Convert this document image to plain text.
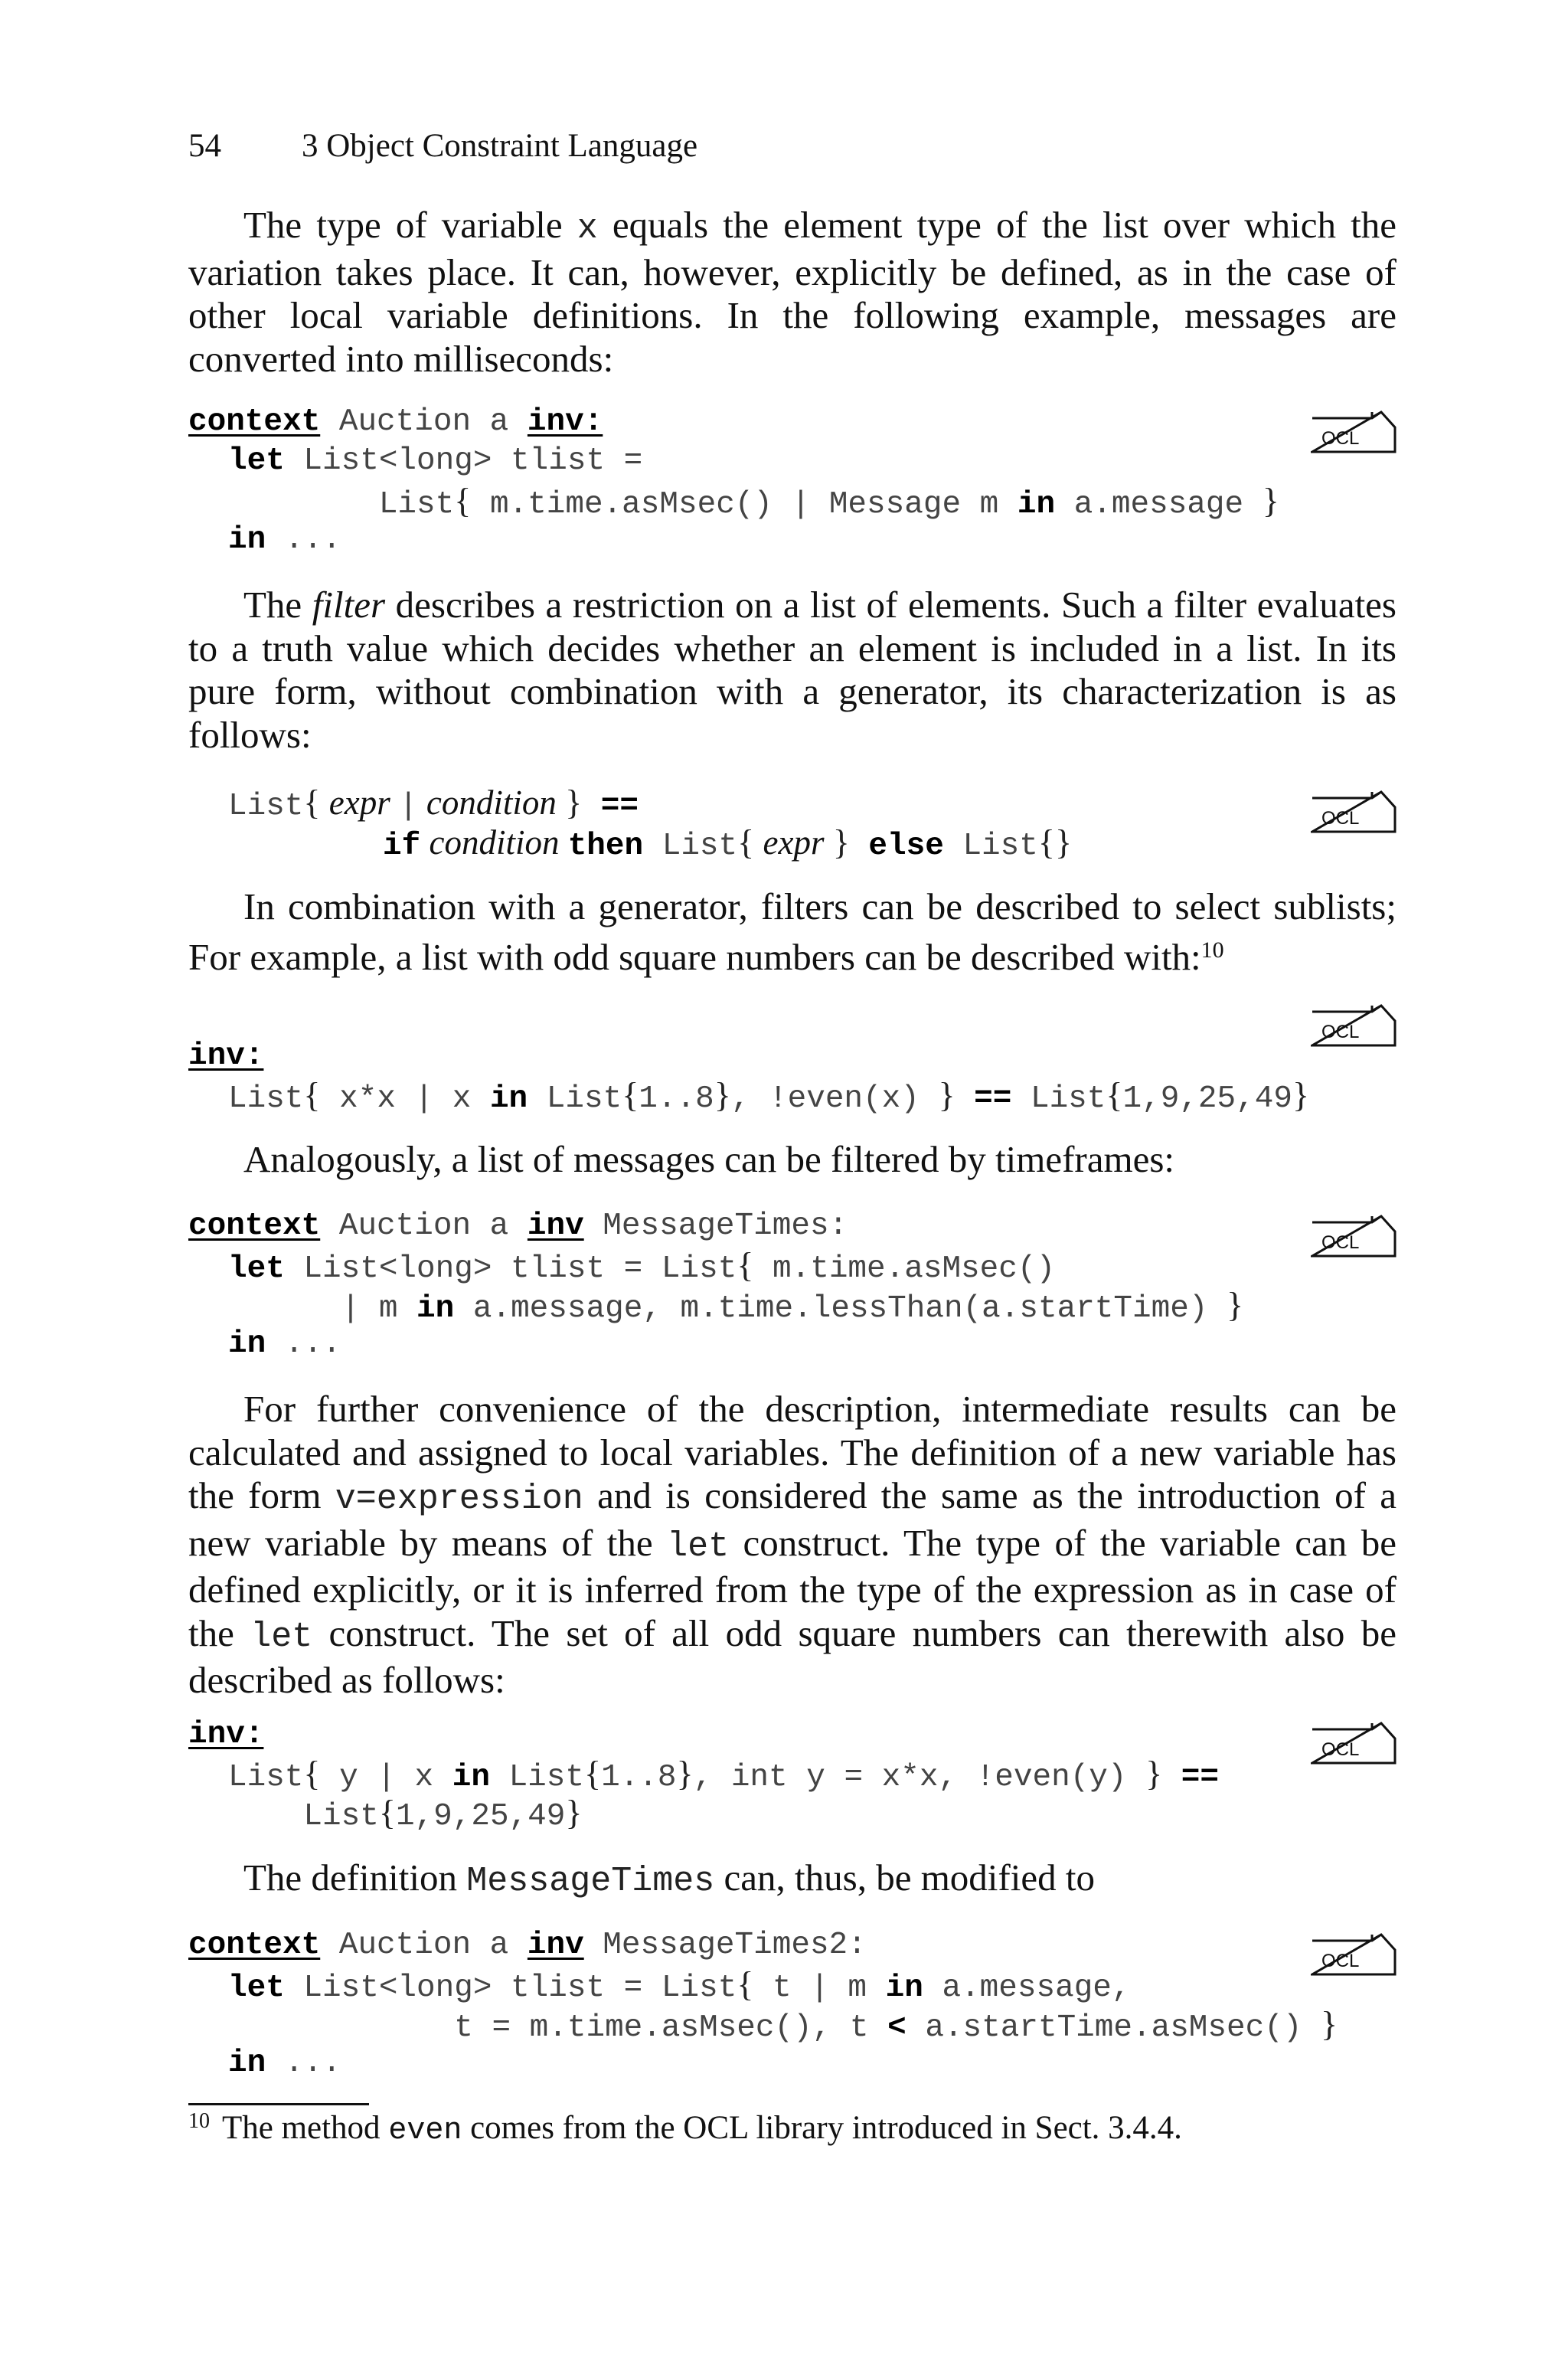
54 3 Object Constraint Language
The type of variable x equals the element type of the list over which the variation takes place. It can, however, explicitly be defined, as in the case of other local variable definitions. In the following example, messages are converted into milliseconds:
context Auction a inv:
let List<long> tlist =
List{ m.time.asMsec() | Message m in a.message }
in ...
OCL
The filter describes a restriction on a list of elements. Such a filter evaluates to a truth value which decides whether an element is included in a list. In its pure form, without combination with a generator, its characterization is as follows:
List{ expr | condition } ==
if condition then List{ expr } else List{}
OCL
In combination with a generator, filters can be described to select sublists; For example, a list with odd square numbers can be described with:$^{10}$
OCL
inv:
List{ x*x | x in List{1..8}, !even(x) } == List{1,9,25,49}
Analogously, a list of messages can be filtered by timeframes:
context Auction a inv MessageTimes:
let List<long> tlist = List{ m.time.asMsec()
| m in a.message, m.time.lessThan(a.startTime) }
in ...
OCL
For further convenience of the description, intermediate results can be calculated and assigned to local variables. The definition of a new variable has the form v=expression and is considered the same as the introduction of a new variable by means of the let construct. The type of the variable can be defined explicitly, or it is inferred from the type of the expression as in case of the let construct. The set of all odd square numbers can therewith also be described as follows:
inv:
List{ y | x in List{1..8}, int y = x*x, !even(y) } ==
List{1,9,25,49}
OCL
The definition MessageTimes can, thus, be modified to
context Auction a inv MessageTimes2:
let List<long> tlist = List{ t | m in a.message,
t = m.time.asMsec(), t < a.startTime.asMsec() }
in ...
OCL
$^{10}$ The method even comes from the OCL library introduced in Sect. 3.4.4.
